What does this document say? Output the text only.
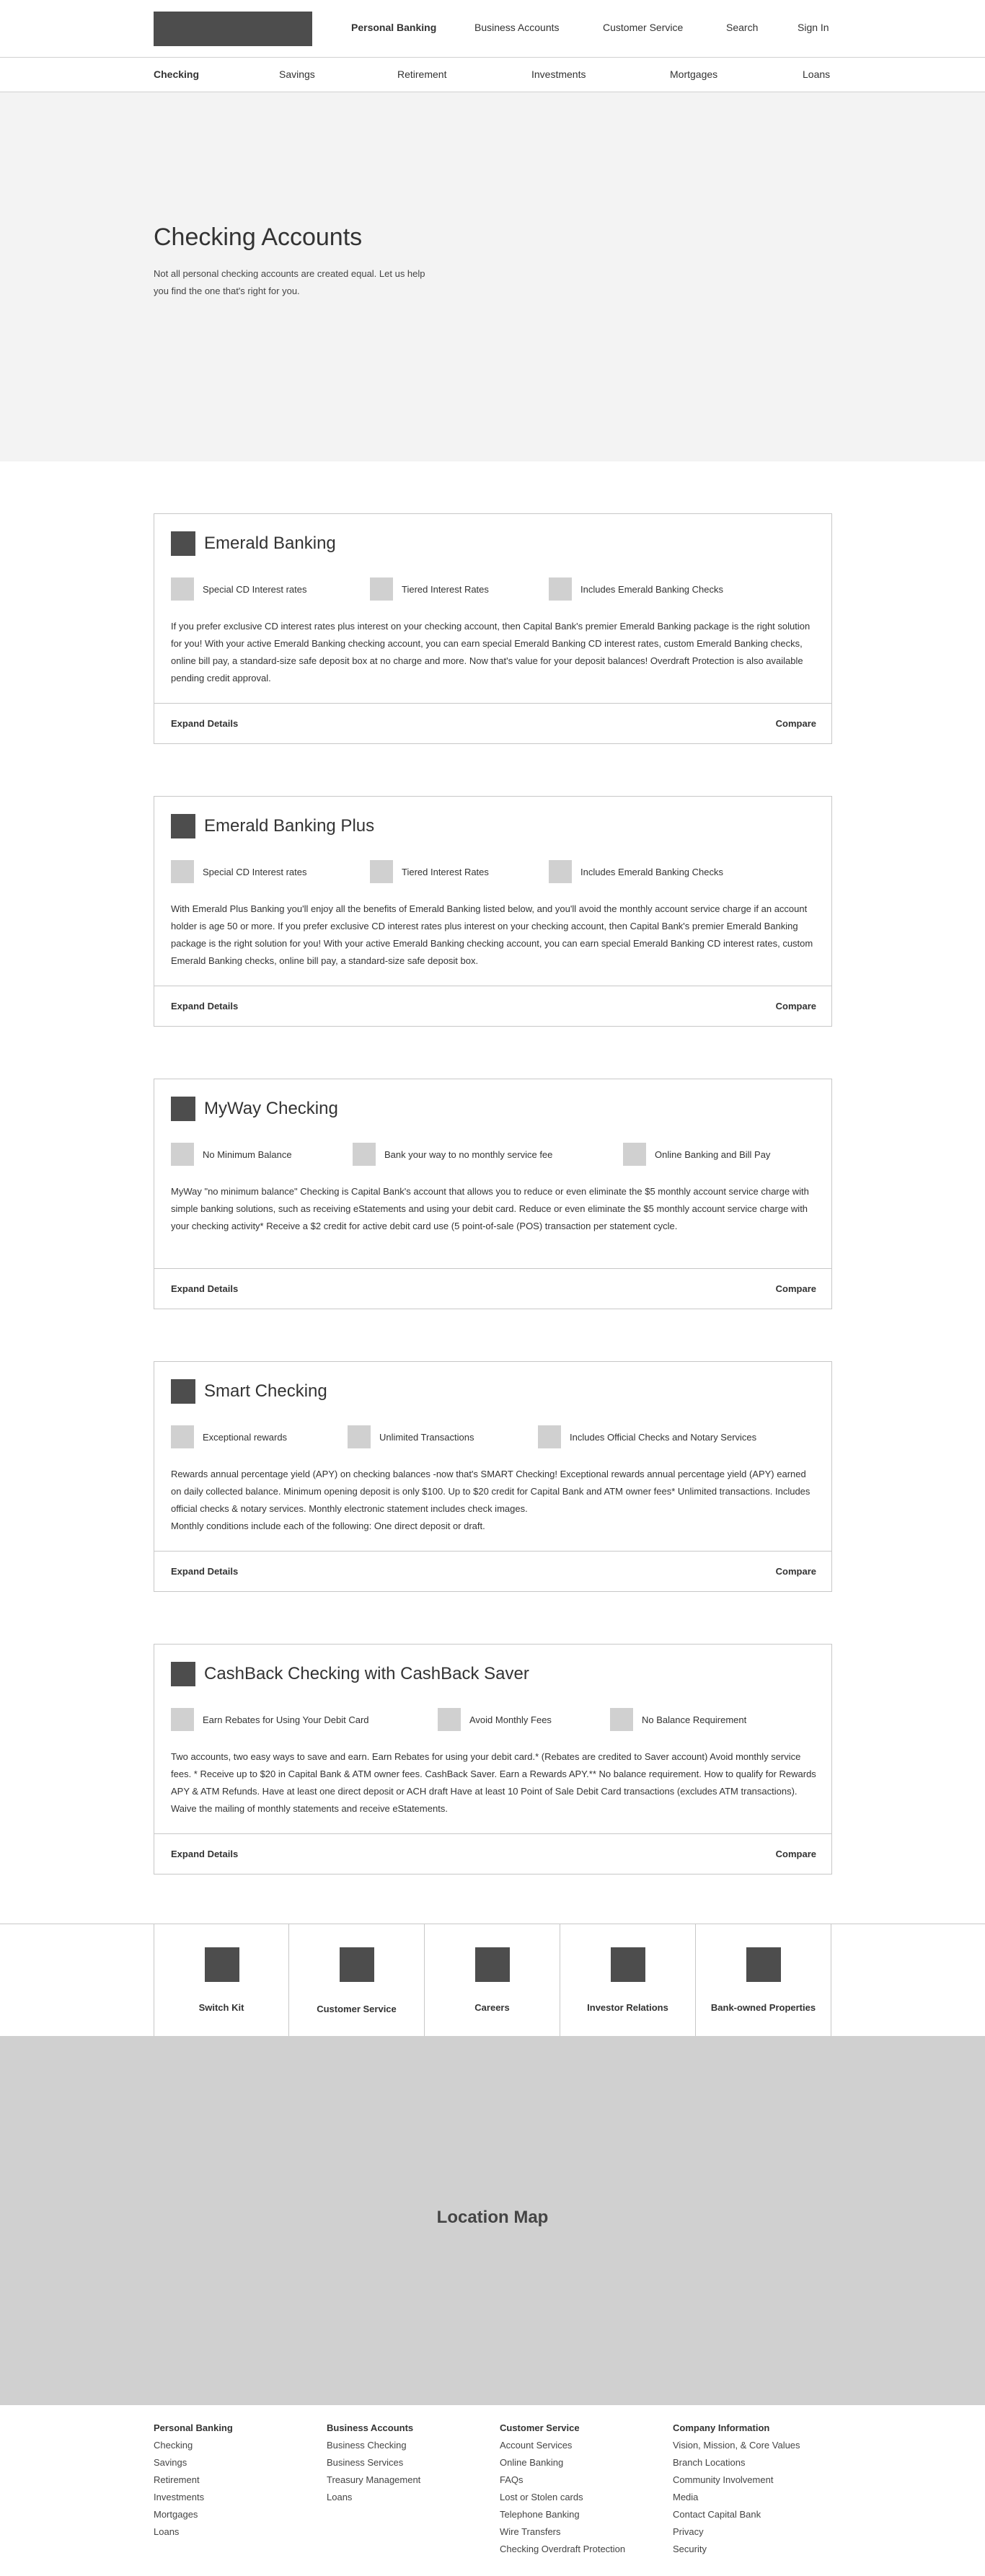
Personal Banking	Business Accounts	Customer Service	Search	Sign In
Checking	Savings	Retirement	Investments	Mortgages	Loans
Checking Accounts

Not all personal checking accounts are created equal. Let us help you find the one that's right for you.

Emerald Banking
Special CD Interest rates	Tiered Interest Rates	Includes Emerald Banking Checks

If you prefer exclusive CD interest rates plus interest on your checking account, then Capital Bank's premier Emerald Banking package is the right solution for you! With your active Emerald Banking checking account, you can earn special Emerald Banking CD interest rates, custom Emerald Banking checks, online bill pay, a standard-size safe deposit box at no charge and more. Now that's value for your deposit balances! Overdraft Protection is also available pending credit approval.

Expand Details	Compare
Emerald Banking Plus
Special CD Interest rates	Tiered Interest Rates	Includes Emerald Banking Checks

With Emerald Plus Banking you'll enjoy all the benefits of Emerald Banking listed below, and you'll avoid the monthly account service charge if an account holder is age 50 or more. If you prefer exclusive CD interest rates plus interest on your checking account, then Capital Bank's premier Emerald Banking package is the right solution for you! With your active Emerald Banking checking account, you can earn special Emerald Banking CD interest rates, custom Emerald Banking checks, online bill pay, a standard-size safe deposit box.

Expand Details	Compare
MyWay Checking
No Minimum Balance	Bank your way to no monthly service fee	Online Banking and Bill Pay

MyWay "no minimum balance" Checking is Capital Bank's account that allows you to reduce or even eliminate the $5 monthly account service charge with simple banking solutions, such as receiving eStatements and using your debit card. Reduce or even eliminate the $5 monthly account service charge with your checking activity* Receive a $2 credit for active debit card use (5 point-of-sale (POS) transaction per statement cycle.

Expand Details	Compare
Smart Checking
Exceptional rewards	Unlimited Transactions	Includes Official Checks and Notary Services

Rewards annual percentage yield (APY) on checking balances -now that's SMART Checking! Exceptional rewards annual percentage yield (APY) earned on daily collected balance. Minimum opening deposit is only $100. Up to $20 credit for Capital Bank and ATM owner fees* Unlimited transactions. Includes official checks & notary services. Monthly electronic statement includes check images.

Monthly conditions include each of the following: One direct deposit or draft.

Expand Details	Compare
CashBack Checking with CashBack Saver
Earn Rebates for Using Your Debit Card	Avoid Monthly Fees	No Balance Requirement

Two accounts, two easy ways to save and earn. Earn Rebates for using your debit card.* (Rebates are credited to Saver account) Avoid monthly service fees. * Receive up to $20 in Capital Bank & ATM owner fees. CashBack Saver. Earn a Rewards APY.** No balance requirement. How to qualify for Rewards APY & ATM Refunds. Have at least one direct deposit or ACH draft Have at least 10 Point of Sale Debit Card transactions (excludes ATM transactions). Waive the mailing of monthly statements and receive eStatements.

Expand Details	Compare
Switch Kit	Customer Service	Careers	Investor Relations	Bank-owned Properties
Location Map
Personal Banking
Checking
Savings
Retirement
Investments
Mortgages
Loans
Business Accounts
Business Checking
Business Services
Treasury Management
Loans
Customer Service
Account Services
Online Banking
FAQs
Lost or Stolen cards
Telephone Banking
Wire Transfers
Checking Overdraft Protection
Company Information
Vision, Mission, & Core Values
Branch Locations
Community Involvement
Media
Contact Capital Bank
Privacy
Security
